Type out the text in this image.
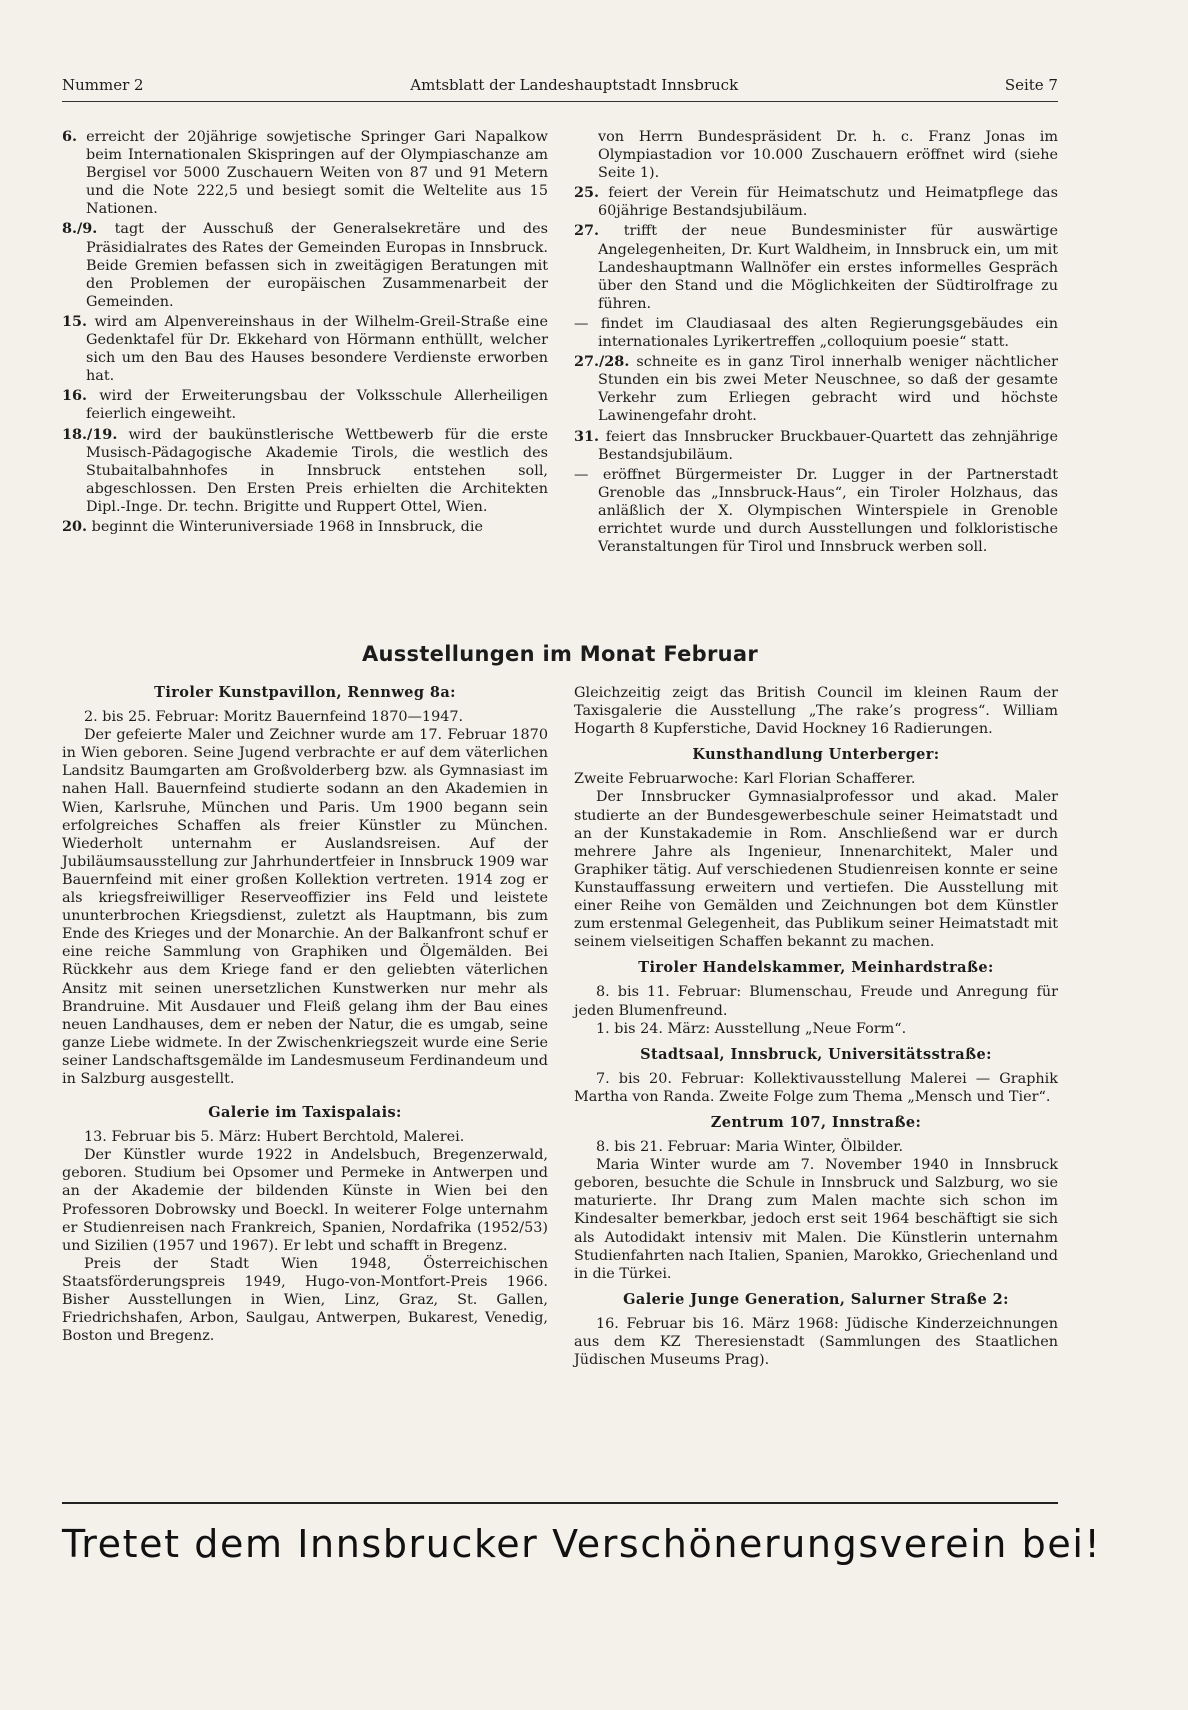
Nummer 2	Amtsblatt der Landeshauptstadt Innsbruck	Seite 7

6. erreicht der 20jährige sowjetische Springer Gari Napalkow beim Internationalen Skispringen auf der Olympiaschanze am Bergisel vor 5000 Zuschauern Weiten von 87 und 91 Metern und die Note 222,5 und besiegt somit die Weltelite aus 15 Nationen.

8./9. tagt der Ausschuß der Generalsekretäre und des Präsidialrates des Rates der Gemeinden Europas in Innsbruck. Beide Gremien befassen sich in zweitägigen Beratungen mit den Problemen der europäischen Zusammenarbeit der Gemeinden.

15. wird am Alpenvereinshaus in der Wilhelm-Greil-Straße eine Gedenktafel für Dr. Ekkehard von Hörmann enthüllt, welcher sich um den Bau des Hauses besondere Verdienste erworben hat.

16. wird der Erweiterungsbau der Volksschule Allerheiligen feierlich eingeweiht.

18./19. wird der baukünstlerische Wettbewerb für die erste Musisch-Pädagogische Akademie Tirols, die westlich des Stubaitalbahnhofes in Innsbruck entstehen soll, abgeschlossen. Den Ersten Preis erhielten die Architekten Dipl.-Inge. Dr. techn. Brigitte und Ruppert Ottel, Wien.

20. beginnt die Winteruniversiade 1968 in Innsbruck, die

von Herrn Bundespräsident Dr. h. c. Franz Jonas im Olympiastadion vor 10.000 Zuschauern eröffnet wird (siehe Seite 1).

25. feiert der Verein für Heimatschutz und Heimatpflege das 60jährige Bestandsjubiläum.

27. trifft der neue Bundesminister für auswärtige Angelegenheiten, Dr. Kurt Waldheim, in Innsbruck ein, um mit Landeshauptmann Wallnöfer ein erstes informelles Gespräch über den Stand und die Möglichkeiten der Südtirolfrage zu führen.

— findet im Claudiasaal des alten Regierungsgebäudes ein internationales Lyrikertreffen „colloquium poesie“ statt.

27./28. schneite es in ganz Tirol innerhalb weniger nächtlicher Stunden ein bis zwei Meter Neuschnee, so daß der gesamte Verkehr zum Erliegen gebracht wird und höchste Lawinengefahr droht.

31. feiert das Innsbrucker Bruckbauer-Quartett das zehnjährige Bestandsjubiläum.

— eröffnet Bürgermeister Dr. Lugger in der Partnerstadt Grenoble das „Innsbruck-Haus“, ein Tiroler Holzhaus, das anläßlich der X. Olympischen Winterspiele in Grenoble errichtet wurde und durch Ausstellungen und folkloristische Veranstaltungen für Tirol und Innsbruck werben soll.

Ausstellungen im Monat Februar
Tiroler Kunstpavillon, Rennweg 8a:

2. bis 25. Februar: Moritz Bauernfeind 1870—1947.

Der gefeierte Maler und Zeichner wurde am 17. Februar 1870 in Wien geboren. Seine Jugend verbrachte er auf dem väterlichen Landsitz Baumgarten am Großvolderberg bzw. als Gymnasiast im nahen Hall. Bauernfeind studierte sodann an den Akademien in Wien, Karlsruhe, München und Paris. Um 1900 begann sein erfolgreiches Schaffen als freier Künstler zu München. Wiederholt unternahm er Auslandsreisen. Auf der Jubiläumsausstellung zur Jahrhundertfeier in Innsbruck 1909 war Bauernfeind mit einer großen Kollektion vertreten. 1914 zog er als kriegsfreiwilliger Reserveoffizier ins Feld und leistete ununterbrochen Kriegsdienst, zuletzt als Hauptmann, bis zum Ende des Krieges und der Monarchie. An der Balkanfront schuf er eine reiche Sammlung von Graphiken und Ölgemälden. Bei Rückkehr aus dem Kriege fand er den geliebten väterlichen Ansitz mit seinen unersetzlichen Kunstwerken nur mehr als Brandruine. Mit Ausdauer und Fleiß gelang ihm der Bau eines neuen Landhauses, dem er neben der Natur, die es umgab, seine ganze Liebe widmete. In der Zwischenkriegszeit wurde eine Serie seiner Landschaftsgemälde im Landesmuseum Ferdinandeum und in Salzburg ausgestellt.

Galerie im Taxispalais:

13. Februar bis 5. März: Hubert Berchtold, Malerei.

Der Künstler wurde 1922 in Andelsbuch, Bregenzerwald, geboren. Studium bei Opsomer und Permeke in Antwerpen und an der Akademie der bildenden Künste in Wien bei den Professoren Dobrowsky und Boeckl. In weiterer Folge unternahm er Studienreisen nach Frankreich, Spanien, Nordafrika (1952/53) und Sizilien (1957 und 1967). Er lebt und schafft in Bregenz.

Preis der Stadt Wien 1948, Österreichischen Staatsförderungspreis 1949, Hugo-von-Montfort-Preis 1966. Bisher Ausstellungen in Wien, Linz, Graz, St. Gallen, Friedrichshafen, Arbon, Saulgau, Antwerpen, Bukarest, Venedig, Boston und Bregenz.

Gleichzeitig zeigt das British Council im kleinen Raum der Taxisgalerie die Ausstellung „The rake’s progress“. William Hogarth 8 Kupferstiche, David Hockney 16 Radierungen.

Kunsthandlung Unterberger:

Zweite Februarwoche: Karl Florian Schafferer.

Der Innsbrucker Gymnasialprofessor und akad. Maler studierte an der Bundesgewerbeschule seiner Heimatstadt und an der Kunstakademie in Rom. Anschließend war er durch mehrere Jahre als Ingenieur, Innenarchitekt, Maler und Graphiker tätig. Auf verschiedenen Studienreisen konnte er seine Kunstauffassung erweitern und vertiefen. Die Ausstellung mit einer Reihe von Gemälden und Zeichnungen bot dem Künstler zum erstenmal Gelegenheit, das Publikum seiner Heimatstadt mit seinem vielseitigen Schaffen bekannt zu machen.

Tiroler Handelskammer, Meinhardstraße:

8. bis 11. Februar: Blumenschau, Freude und Anregung für jeden Blumenfreund.

1. bis 24. März: Ausstellung „Neue Form“.

Stadtsaal, Innsbruck, Universitätsstraße:

7. bis 20. Februar: Kollektivausstellung Malerei — Graphik Martha von Randa. Zweite Folge zum Thema „Mensch und Tier“.

Zentrum 107, Innstraße:

8. bis 21. Februar: Maria Winter, Ölbilder.

Maria Winter wurde am 7. November 1940 in Innsbruck geboren, besuchte die Schule in Innsbruck und Salzburg, wo sie maturierte. Ihr Drang zum Malen machte sich schon im Kindesalter bemerkbar, jedoch erst seit 1964 beschäftigt sie sich als Autodidakt intensiv mit Malen. Die Künstlerin unternahm Studienfahrten nach Italien, Spanien, Marokko, Griechenland und in die Türkei.

Galerie Junge Generation, Salurner Straße 2:

16. Februar bis 16. März 1968: Jüdische Kinderzeichnungen aus dem KZ Theresienstadt (Sammlungen des Staatlichen Jüdischen Museums Prag).

Tretet dem Innsbrucker Verschönerungsverein bei!
